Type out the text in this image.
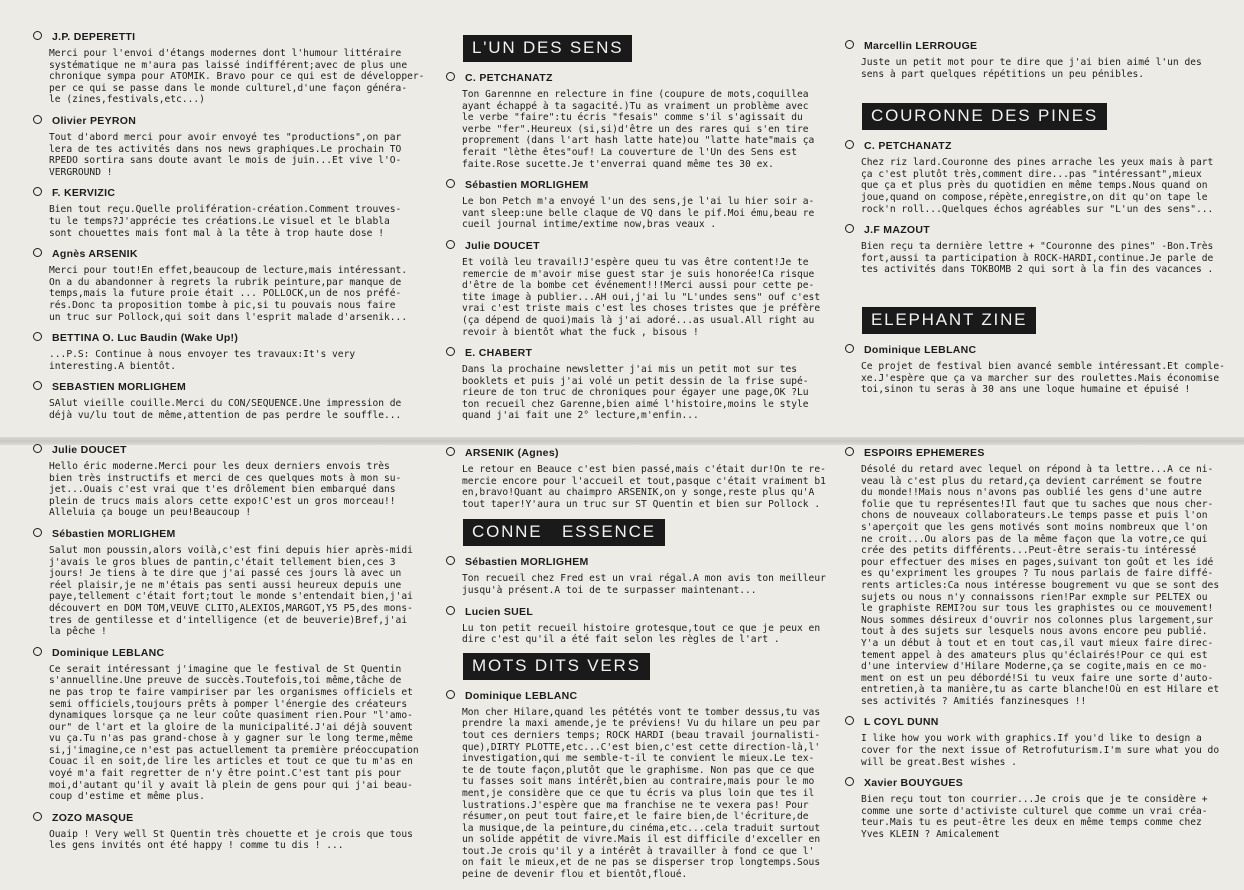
J.P. DEPERETTI
Merci pour l'envoi d'étangs modernes dont l'humour littéraire
systématique ne m'aura pas laissé indifférent;avec de plus une
chronique sympa pour ATOMIK. Bravo pour ce qui est de développer-
per ce qui se passe dans le monde culturel,d'une façon généra-
le (zines,festivals,etc...)
Olivier PEYRON
Tout d'abord merci pour avoir envoyé tes "productions",on par
lera de tes activités dans nos news graphiques.Le prochain TO
RPEDO sortira sans doute avant le mois de juin...Et vive l'O-
VERGROUND !
F. KERVIZIC
Bien tout reçu.Quelle prolifération-création.Comment trouves-
tu le temps?J'apprécie tes créations.Le visuel et le blabla
sont chouettes mais font mal à la tête à trop haute dose !
Agnès ARSENIK
Merci pour tout!En effet,beaucoup de lecture,mais intéressant.
On a du abandonner à regrets la rubrik peinture,par manque de
temps,mais la future proie était ... POLLOCK,un de nos préfé-
rés.Donc ta proposition tombe à pic,si tu pouvais nous faire
un truc sur Pollock,qui soit dans l'esprit malade d'arsenik...
BETTINA O. Luc Baudin (Wake Up!)
...P.S: Continue à nous envoyer tes travaux:It's very
interesting.A bientôt.
SEBASTIEN MORLIGHEM
SAlut vieille couille.Merci du CON/SEQUENCE.Une impression de
déjà vu/lu tout de même,attention de pas perdre le souffle...
L'UN DES SENS
C. PETCHANATZ
Ton Garennne en relecture in fine (coupure de mots,coquillea
ayant échappé à ta sagacité.)Tu as vraiment un problème avec
le verbe "faire":tu écris "fesais" comme s'il s'agissait du
verbe "fer".Heureux (si,si)d'être un des rares qui s'en tire
proprement (dans l'art hash latte hate)ou "latte hate"mais ça
ferait "lèthe êtes"ouf! La couverture de l'Un des Sens est
faite.Rose sucette.Je t'enverrai quand même tes 30 ex.
Sébastien MORLIGHEM
Le bon Petch m'a envoyé l'un des sens,je l'ai lu hier soir a-
vant sleep:une belle claque de VQ dans le pif.Moi ému,beau re
cueil journal intime/extime now,bras veaux .
Julie DOUCET
Et voilà leu travail!J'espère queu tu vas être content!Je te
remercie de m'avoir mise guest star je suis honorée!Ca risque
d'être de la bombe cet événement!!!Merci aussi pour cette pe-
tite image à publier...AH oui,j'ai lu "L'undes sens" ouf c'est
vrai c'est triste mais c'est les choses tristes que je préfère
(ça dépend de quoi)mais là j'ai adoré...as usual.All right au
revoir à bientôt what the fuck , bisous !
E. CHABERT
Dans la prochaine newsletter j'ai mis un petit mot sur tes
booklets et puis j'ai volé un petit dessin de la frise supé-
rieure de ton truc de chroniques pour égayer une page,OK ?Lu
ton recueil chez Garenne,bien aimé l'histoire,moins le style
quand j'ai fait une 2° lecture,m'enfin...
Marcellin LERROUGE
Juste un petit mot pour te dire que j'ai bien aimé l'un des
sens à part quelques répétitions un peu pénibles.
COURONNE DES PINES
C. PETCHANATZ
Chez riz lard.Couronne des pines arrache les yeux mais à part
ça c'est plutôt très,comment dire...pas "intéressant",mieux
que ça et plus près du quotidien en même temps.Nous quand on
joue,quand on compose,répète,enregistre,on dit qu'on tape le
rock'n roll...Quelques échos agréables sur "L'un des sens"...
J.F MAZOUT
Bien reçu ta dernière lettre + "Couronne des pines" -Bon.Très
fort,aussi ta participation à ROCK-HARDI,continue.Je parle de
tes activités dans TOKBOMB 2 qui sort à la fin des vacances .
ELEPHANT ZINE
Dominique LEBLANC
Ce projet de festival bien avancé semble intéressant.Et comple-
xe.J'espère que ça va marcher sur des roulettes.Mais économise
toi,sinon tu seras à 30 ans une loque humaine et épuisé !
Julie DOUCET
Hello éric moderne.Merci pour les deux derniers envois très
bien très instructifs et merci de ces quelques mots à mon su-
jet...Ouais c'est vrai que t'es drôlement bien embarqué dans
plein de trucs mais alors cette expo!C'est un gros morceau!!
Alleluia ça bouge un peu!Beaucoup !
Sébastien MORLIGHEM
Salut mon poussin,alors voilà,c'est fini depuis hier après-midi
j'avais le gros blues de pantin,c'était tellement bien,ces 3
jours! Je tiens à te dire que j'ai passé ces jours là avec un
réel plaisir,je ne m'étais pas senti aussi heureux depuis une
paye,tellement c'était fort;tout le monde s'entendait bien,j'ai
découvert en DOM TOM,VEUVE CLITO,ALEXIOS,MARGOT,Y5 P5,des mons-
tres de gentilesse et d'intelligence (et de beuverie)Bref,j'ai
la pêche !
Dominique LEBLANC
Ce serait intéressant j'imagine que le festival de St Quentin
s'annuelline.Une preuve de succès.Toutefois,toi même,tâche de
ne pas trop te faire vampiriser par les organismes officiels et
semi officiels,toujours prêts à pomper l'énergie des créateurs
dynamiques lorsque ça ne leur coûte quasiment rien.Pour "l'amo-
our" de l'art et la gloire de la municipalité.J'ai déjà souvent
vu ça.Tu n'as pas grand-chose à y gagner sur le long terme,même
si,j'imagine,ce n'est pas actuellement ta première préoccupation
Couac il en soit,de lire les articles et tout ce que tu m'as en
voyé m'a fait regretter de n'y être point.C'est tant pis pour
moi,d'autant qu'il y avait là plein de gens pour qui j'ai beau-
coup d'estime et même plus.
ZOZO MASQUE
Ouaip ! Very well St Quentin très chouette et je crois que tous
les gens invités ont été happy ! comme tu dis ! ...
ARSENIK (Agnes)
Le retour en Beauce c'est bien passé,mais c'était dur!On te re-
mercie encore pour l'accueil et tout,pasque c'était vraiment b1
en,bravo!Quant au chaimpro ARSENIK,on y songe,reste plus qu'A
tout taper!Y'aura un truc sur ST Quentin et bien sur Pollock .
CONNE   ESSENCE
Sébastien MORLIGHEM
Ton recueil chez Fred est un vrai régal.A mon avis ton meilleur
jusqu'à présent.A toi de te surpasser maintenant...
Lucien SUEL
Lu ton petit recueil histoire grotesque,tout ce que je peux en
dire c'est qu'il a été fait selon les règles de l'art .
MOTS DITS VERS
Dominique LEBLANC
Mon cher Hilare,quand les pététés vont te tomber dessus,tu vas
prendre la maxi amende,je te préviens! Vu du hilare un peu par
tout ces derniers temps; ROCK HARDI (beau travail journalisti-
que),DIRTY PLOTTE,etc...C'est bien,c'est cette direction-là,l'
investigation,qui me semble-t-il te convient le mieux.Le tex-
te de toute façon,plutôt que le graphisme. Non pas que ce que
tu fasses soit mans intérêt,bien au contraire,mais pour le mo
ment,je considère que ce que tu écris va plus loin que tes il
lustrations.J'espère que ma franchise ne te vexera pas! Pour
résumer,on peut tout faire,et le faire bien,de l'écriture,de
la musique,de la peinture,du cinéma,etc...cela traduit surtout
un solide appétit de vivre.Mais il est difficile d'exceller en
tout.Je crois qu'il y a intérêt à travailler à fond ce que l'
on fait le mieux,et de ne pas se disperser trop longtemps.Sous
peine de devenir flou et bientôt,floué.
ESPOIRS EPHEMERES
Désolé du retard avec lequel on répond à ta lettre...A ce ni-
veau là c'est plus du retard,ça devient carrément se foutre
du monde!!Mais nous n'avons pas oublié les gens d'une autre
folie que tu représentes!Il faut que tu saches que nous cher-
chons de nouveaux collaborateurs.Le temps passe et puis l'on
s'aperçoit que les gens motivés sont moins nombreux que l'on
ne croit...Ou alors pas de la même façon que la votre,ce qui
crée des petits différents...Peut-être serais-tu intéressé
pour effectuer des mises en pages,suivant ton goût et les idé
es qu'expriment les groupes ? Tu nous parlais de faire diffé-
rents articles:Ca nous intéresse bougrement vu que se sont des
sujets ou nous n'y connaissons rien!Par exmple sur PELTEX ou
le graphiste REMI?ou sur tous les graphistes ou ce mouvement!
Nous sommes désireux d'ouvrir nos colonnes plus largement,sur
tout à des sujets sur lesquels nous avons encore peu publié.
Y'a un début à tout et en tout cas,il vaut mieux faire direc-
tement appel à des amateurs plus qu'éclairés!Pour ce qui est
d'une interview d'Hilare Moderne,ça se cogite,mais en ce mo-
ment on est un peu débordé!Si tu veux faire une sorte d'auto-
entretien,à ta manière,tu as carte blanche!Où en est Hilare et
ses activités ? Amitiés fanzinesques !!
L COYL DUNN
I like how you work with graphics.If you'd like to design a
cover for the next issue of Retrofuturism.I'm sure what you do
will be great.Best wishes .
Xavier BOUYGUES
Bien reçu tout ton courrier...Je crois que je te considère +
comme une sorte d'activiste culturel que comme un vrai créa-
teur.Mais tu es peut-être les deux en même temps comme chez
Yves KLEIN ? Amicalement
